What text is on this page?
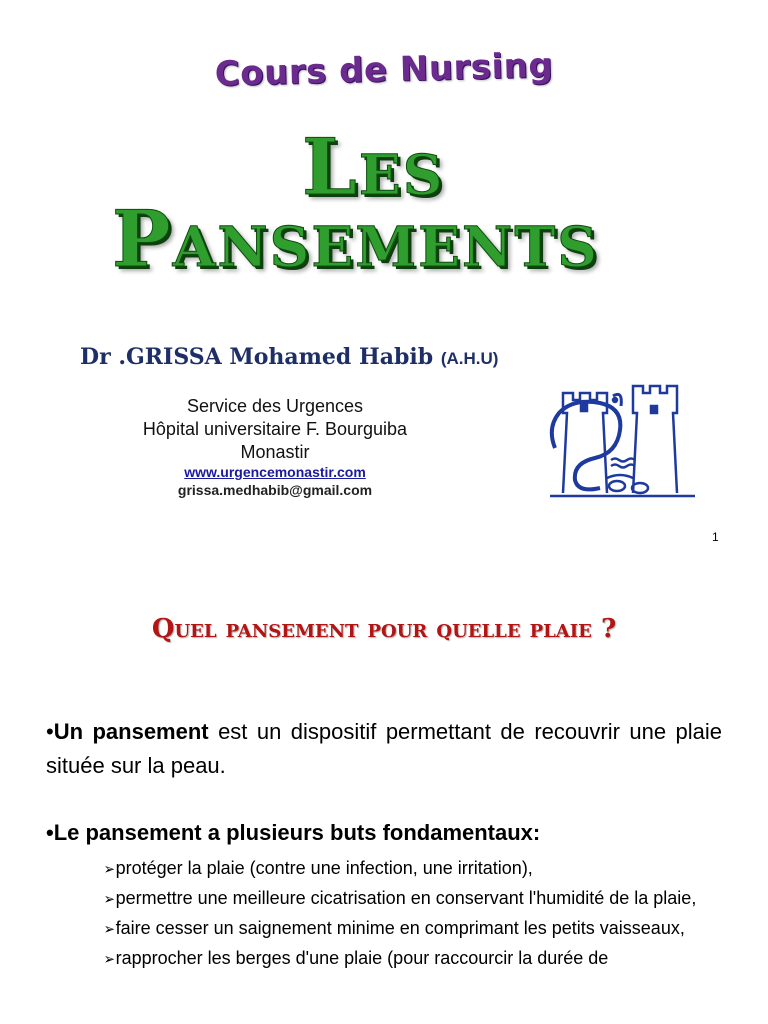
Cours de Nursing
Les
Pansements
Dr .GRISSA Mohamed Habib (A.H.U)
Service des Urgences
Hôpital universitaire F. Bourguiba
Monastir
www.urgencemonastir.com
grissa.medhabib@gmail.com
1
Quel pansement pour quelle plaie ?
•Un pansement est un dispositif permettant de recouvrir une plaie située sur la peau.
•Le pansement a plusieurs buts fondamentaux:
➢protéger la plaie (contre une infection, une irritation),
➢permettre une meilleure cicatrisation en conservant l'humidité de la plaie,
➢faire cesser un saignement minime en comprimant les petits vaisseaux,
➢rapprocher les berges d'une plaie (pour raccourcir la durée de
